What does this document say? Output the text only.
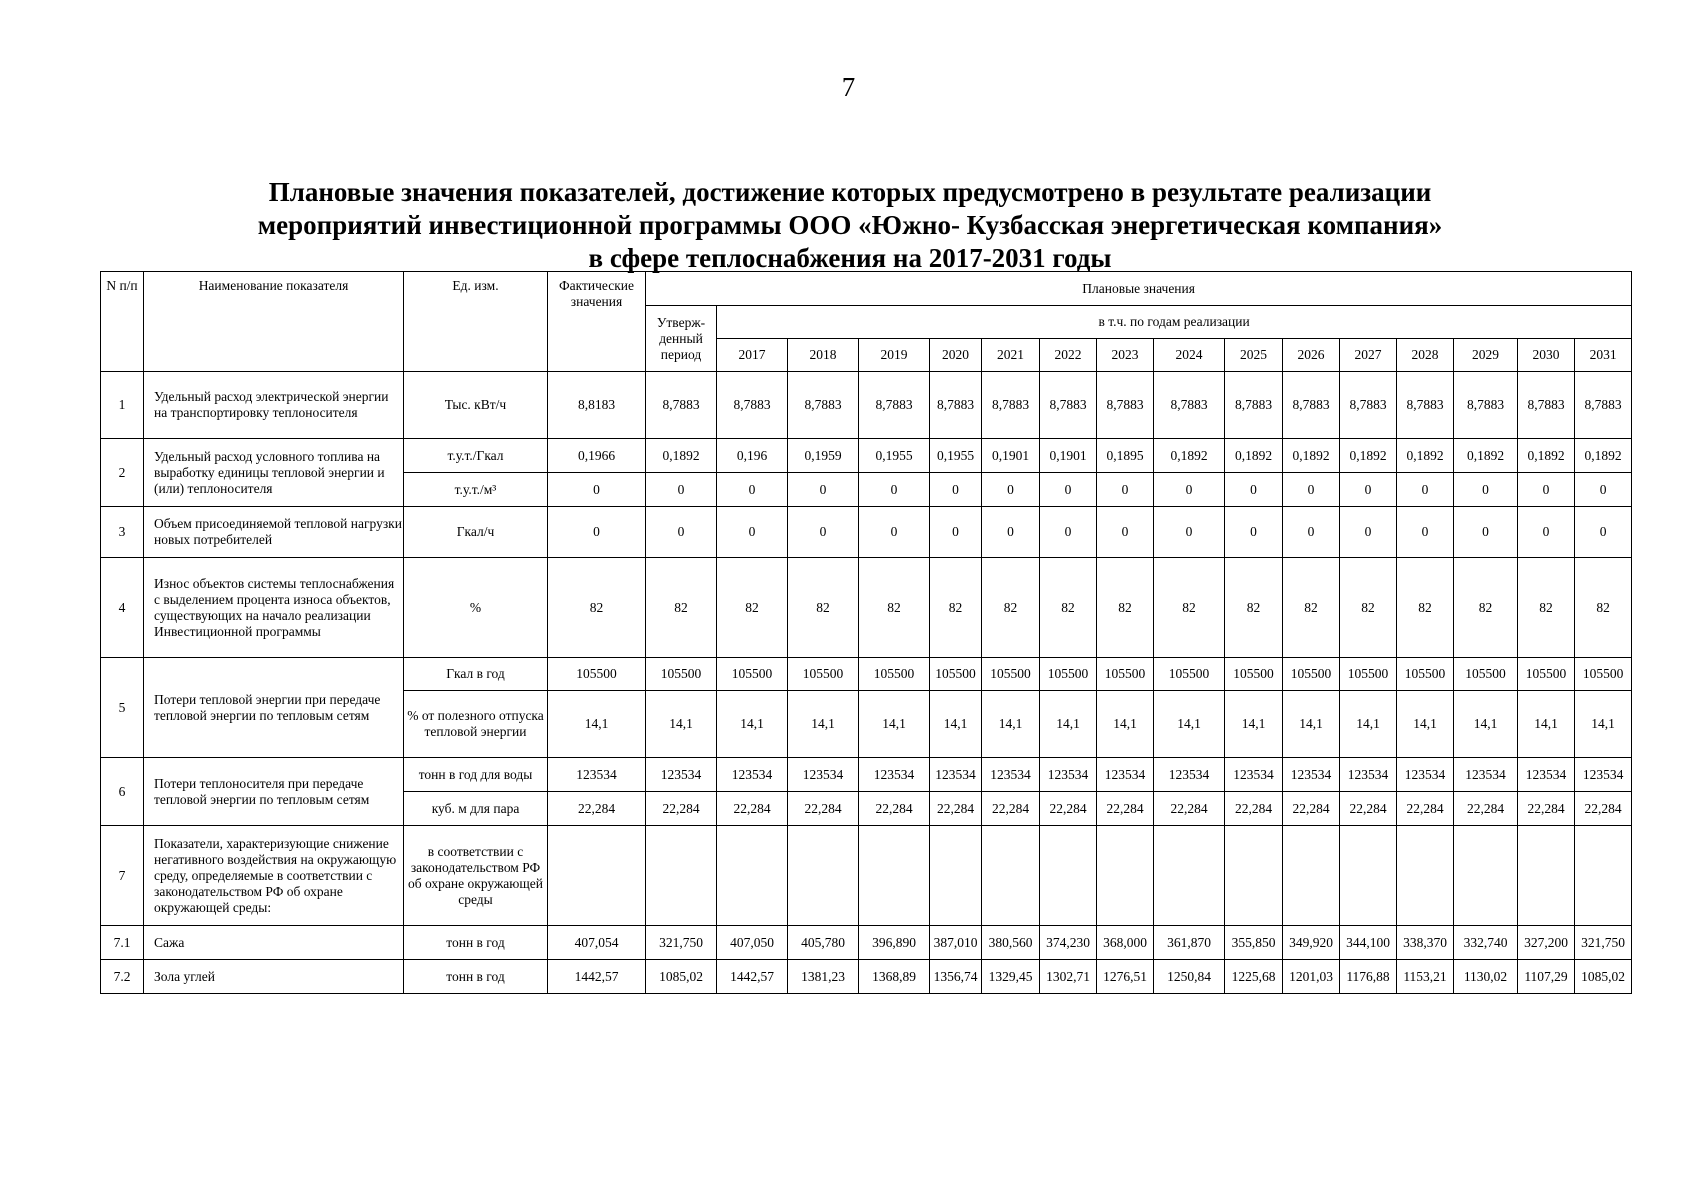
7
Плановые значения показателей, достижение которых предусмотрено в результате реализации
мероприятий инвестиционной программы ООО «Южно- Кузбасская энергетическая компания»
в сфере теплоснабжения на 2017-2031 годы
N п/п	Наименование показателя	Ед. изм.	Фактические значения	Плановые значения															
				Утверж-денный период	в т.ч. по годам реализации														
					2017	2018	2019	2020	2021	2022	2023	2024	2025	2026	2027	2028	2029	2030	2031
1	Удельный расход электрической энергии на транспортировку теплоносителя	Тыс. кВт/ч	8,8183	8,7883	8,7883	8,7883	8,7883	8,7883	8,7883	8,7883	8,7883	8,7883	8,7883	8,7883	8,7883	8,7883	8,7883	8,7883	8,7883
2	Удельный расход условного топлива на выработку единицы тепловой энергии и (или) теплоносителя	т.у.т./Гкал	0,1966	0,1892	0,196	0,1959	0,1955	0,1955	0,1901	0,1901	0,1895	0,1892	0,1892	0,1892	0,1892	0,1892	0,1892	0,1892	0,1892
		т.у.т./м³	0	0	0	0	0	0	0	0	0	0	0	0	0	0	0	0	0
3	Объем присоединяемой тепловой нагрузки новых потребителей	Гкал/ч	0	0	0	0	0	0	0	0	0	0	0	0	0	0	0	0	0
4	Износ объектов системы теплоснабжения с выделением процента износа объектов, существующих на начало реализации Инвестиционной программы	%	82	82	82	82	82	82	82	82	82	82	82	82	82	82	82	82	82
5	Потери тепловой энергии при передаче тепловой энергии по тепловым сетям	Гкал в год	105500	105500	105500	105500	105500	105500	105500	105500	105500	105500	105500	105500	105500	105500	105500	105500	105500
		% от полезного отпуска тепловой энергии	14,1	14,1	14,1	14,1	14,1	14,1	14,1	14,1	14,1	14,1	14,1	14,1	14,1	14,1	14,1	14,1	14,1
6	Потери теплоносителя при передаче тепловой энергии по тепловым сетям	тонн в год для воды	123534	123534	123534	123534	123534	123534	123534	123534	123534	123534	123534	123534	123534	123534	123534	123534	123534
		куб. м для пара	22,284	22,284	22,284	22,284	22,284	22,284	22,284	22,284	22,284	22,284	22,284	22,284	22,284	22,284	22,284	22,284	22,284
7	Показатели, характеризующие снижение негативного воздействия на окружающую среду, определяемые в соответствии с законодательством РФ об охране окружающей среды:	в соответствии с законодательством РФ об охране окружающей среды																	
7.1	Сажа	тонн в год	407,054	321,750	407,050	405,780	396,890	387,010	380,560	374,230	368,000	361,870	355,850	349,920	344,100	338,370	332,740	327,200	321,750
7.2	Зола углей	тонн в год	1442,57	1085,02	1442,57	1381,23	1368,89	1356,74	1329,45	1302,71	1276,51	1250,84	1225,68	1201,03	1176,88	1153,21	1130,02	1107,29	1085,02
